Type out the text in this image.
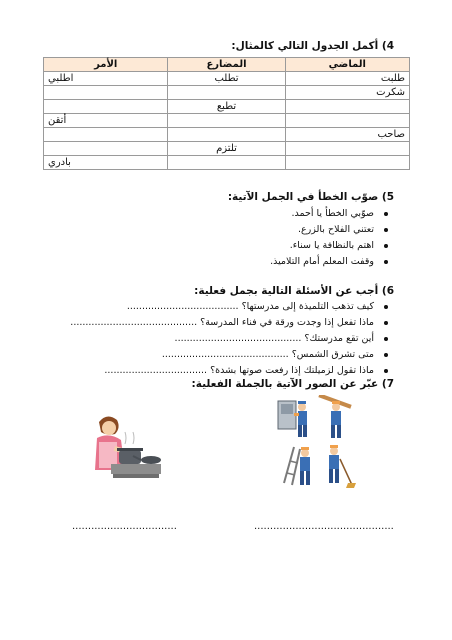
4) أكمل الجدول التالي كالمثال:
الماضي	المضارع	الأمر
طلبت	تطلب	اطلبي
شكرت		
	تطبع	
		أتقن
صاحب		
	تلتزم	
		بادري
5) صوّب الخطأ في الجمل الآتية:
صوّبي الخطأ يا أحمد.
تعتني الفلاح بالزرع.
اهتم بالنظافة يا سناء.
وقفت المعلم أمام التلاميذ.
6) أجب عن الأسئلة التالية بجمل فعلية:
كيف تذهب التلميذة إلى مدرستها؟ .....................................
ماذا تفعل إذا وجدت ورقة في فناء المدرسة؟ ..........................................
أين تقع مدرستك؟ ..........................................
متى تشرق الشمس؟ ..........................................
ماذا تقول لزميلتك إذا رفعت صوتها بشدة؟ ..................................
7) عبّر عن الصور الآتية بالجملة الفعلية:
............................................
.................................
